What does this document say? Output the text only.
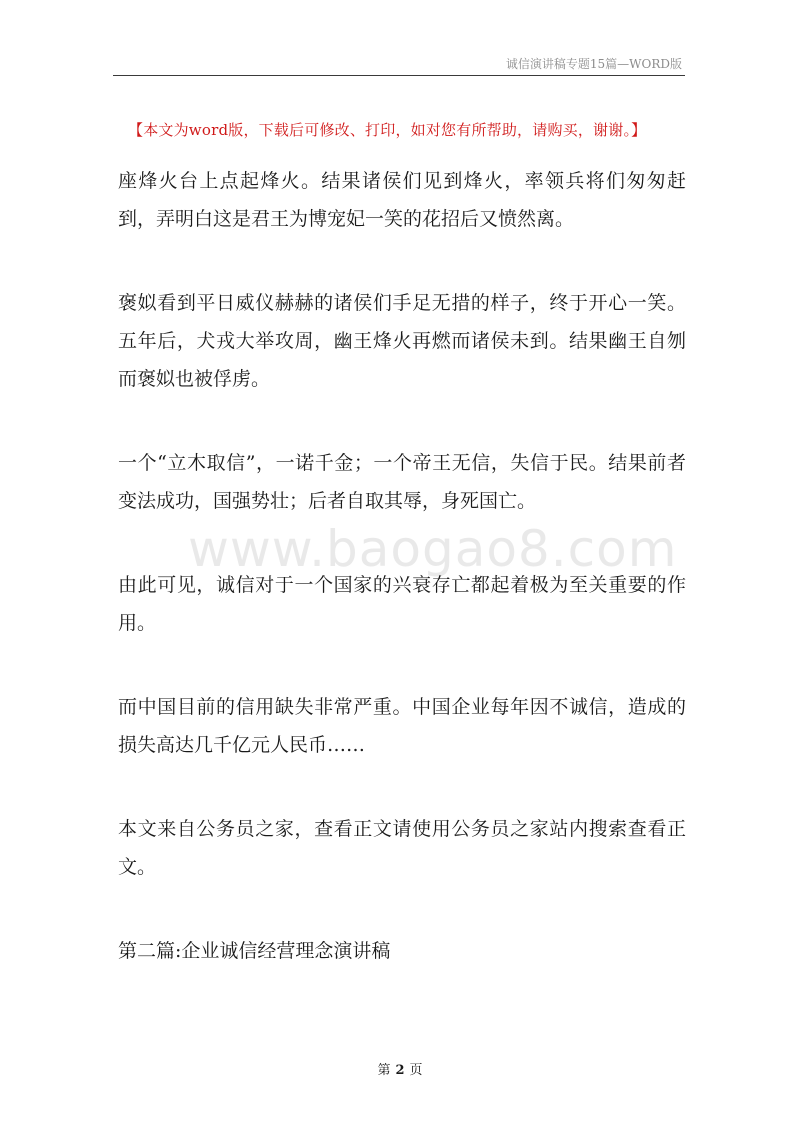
诚信演讲稿专题15篇—WORD版
【本文为word版，下载后可修改、打印，如对您有所帮助，请购买，谢谢。】
www.baogao8.com

座烽火台上点起烽火。结果诸侯们见到烽火，率领兵将们匆匆赶到，弄明白这是君王为博宠妃一笑的花招后又愤然离。

褒姒看到平日威仪赫赫的诸侯们手足无措的样子，终于开心一笑。五年后，犬戎大举攻周，幽王烽火再燃而诸侯未到。结果幽王自刎而褒姒也被俘虏。

一个“立木取信”，一诺千金；一个帝王无信，失信于民。结果前者变法成功，国强势壮；后者自取其辱，身死国亡。

由此可见，诚信对于一个国家的兴衰存亡都起着极为至关重要的作用。

而中国目前的信用缺失非常严重。中国企业每年因不诚信，造成的损失高达几千亿元人民币……

本文来自公务员之家，查看正文请使用公务员之家站内搜索查看正文。

第二篇:企业诚信经营理念演讲稿

第 2 页
